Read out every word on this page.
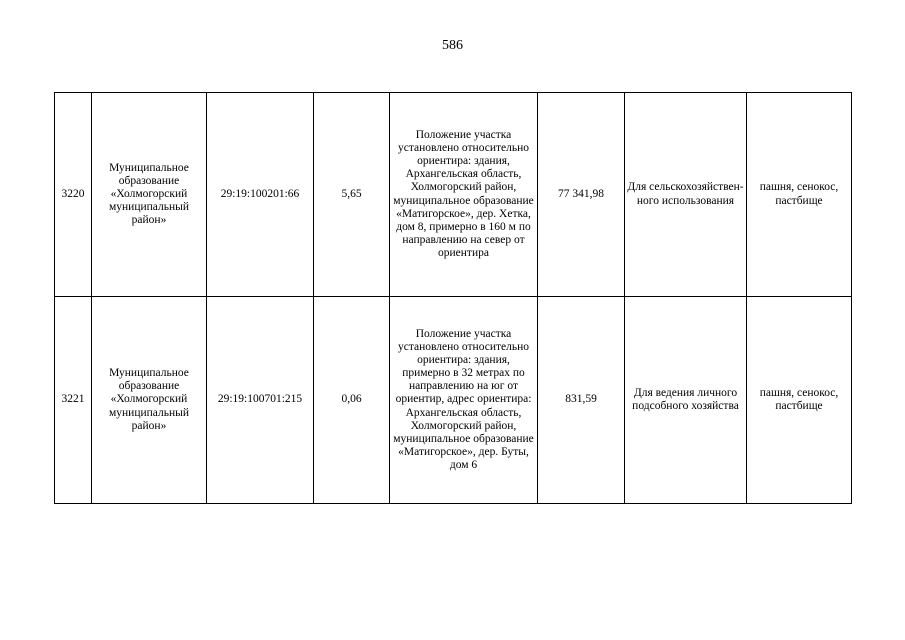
586
3220	Муниципальное образование «Холмогорский муниципальный район»	29:19:100201:66	5,65	Положение участка установлено относительно ориентира: здания, Архангельская область, Холмогорский район, муниципальное образование «Матигорское», дер. Хетка, дом 8, примерно в 160 м по направлению на север от ориентира	77 341,98	Для сельскохозяйствен-ного использования	пашня, сенокос, пастбище
3221	Муниципальное образование «Холмогорский муниципальный район»	29:19:100701:215	0,06	Положение участка установлено относительно ориентира: здания, примерно в 32 метрах по направлению на юг от ориентир, адрес ориентира: Архангельская область, Холмогорский район, муниципальное образование «Матигорское», дер. Буты, дом 6	831,59	Для ведения личного подсобного хозяйства	пашня, сенокос, пастбище
